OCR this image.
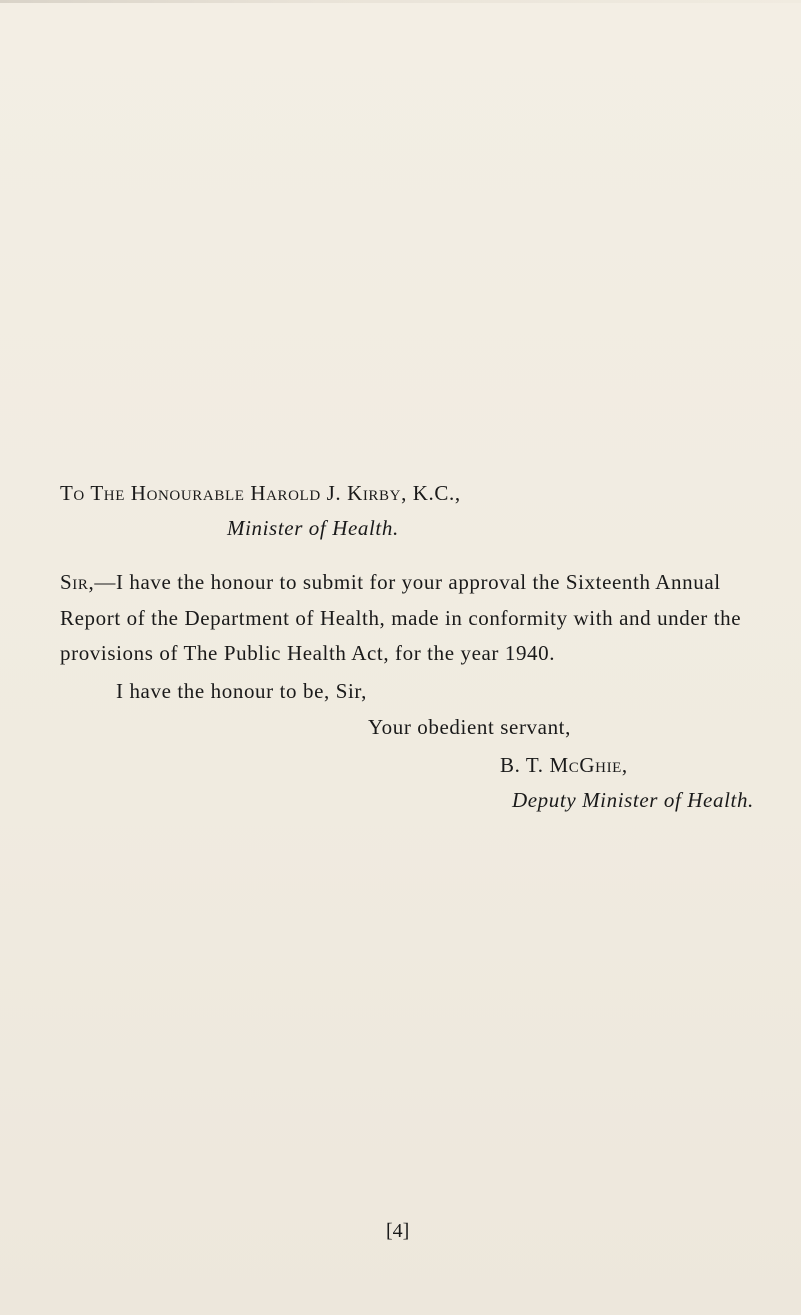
To The Honourable Harold J. Kirby, K.C.,
Minister of Health.
Sir,—I have the honour to submit for your approval the Sixteenth Annual
Report of the Department of Health, made in conformity with and under the
provisions of The Public Health Act, for the year 1940.
I have the honour to be, Sir,
Your obedient servant,
B. T. McGhie,
Deputy Minister of Health.
[4]
